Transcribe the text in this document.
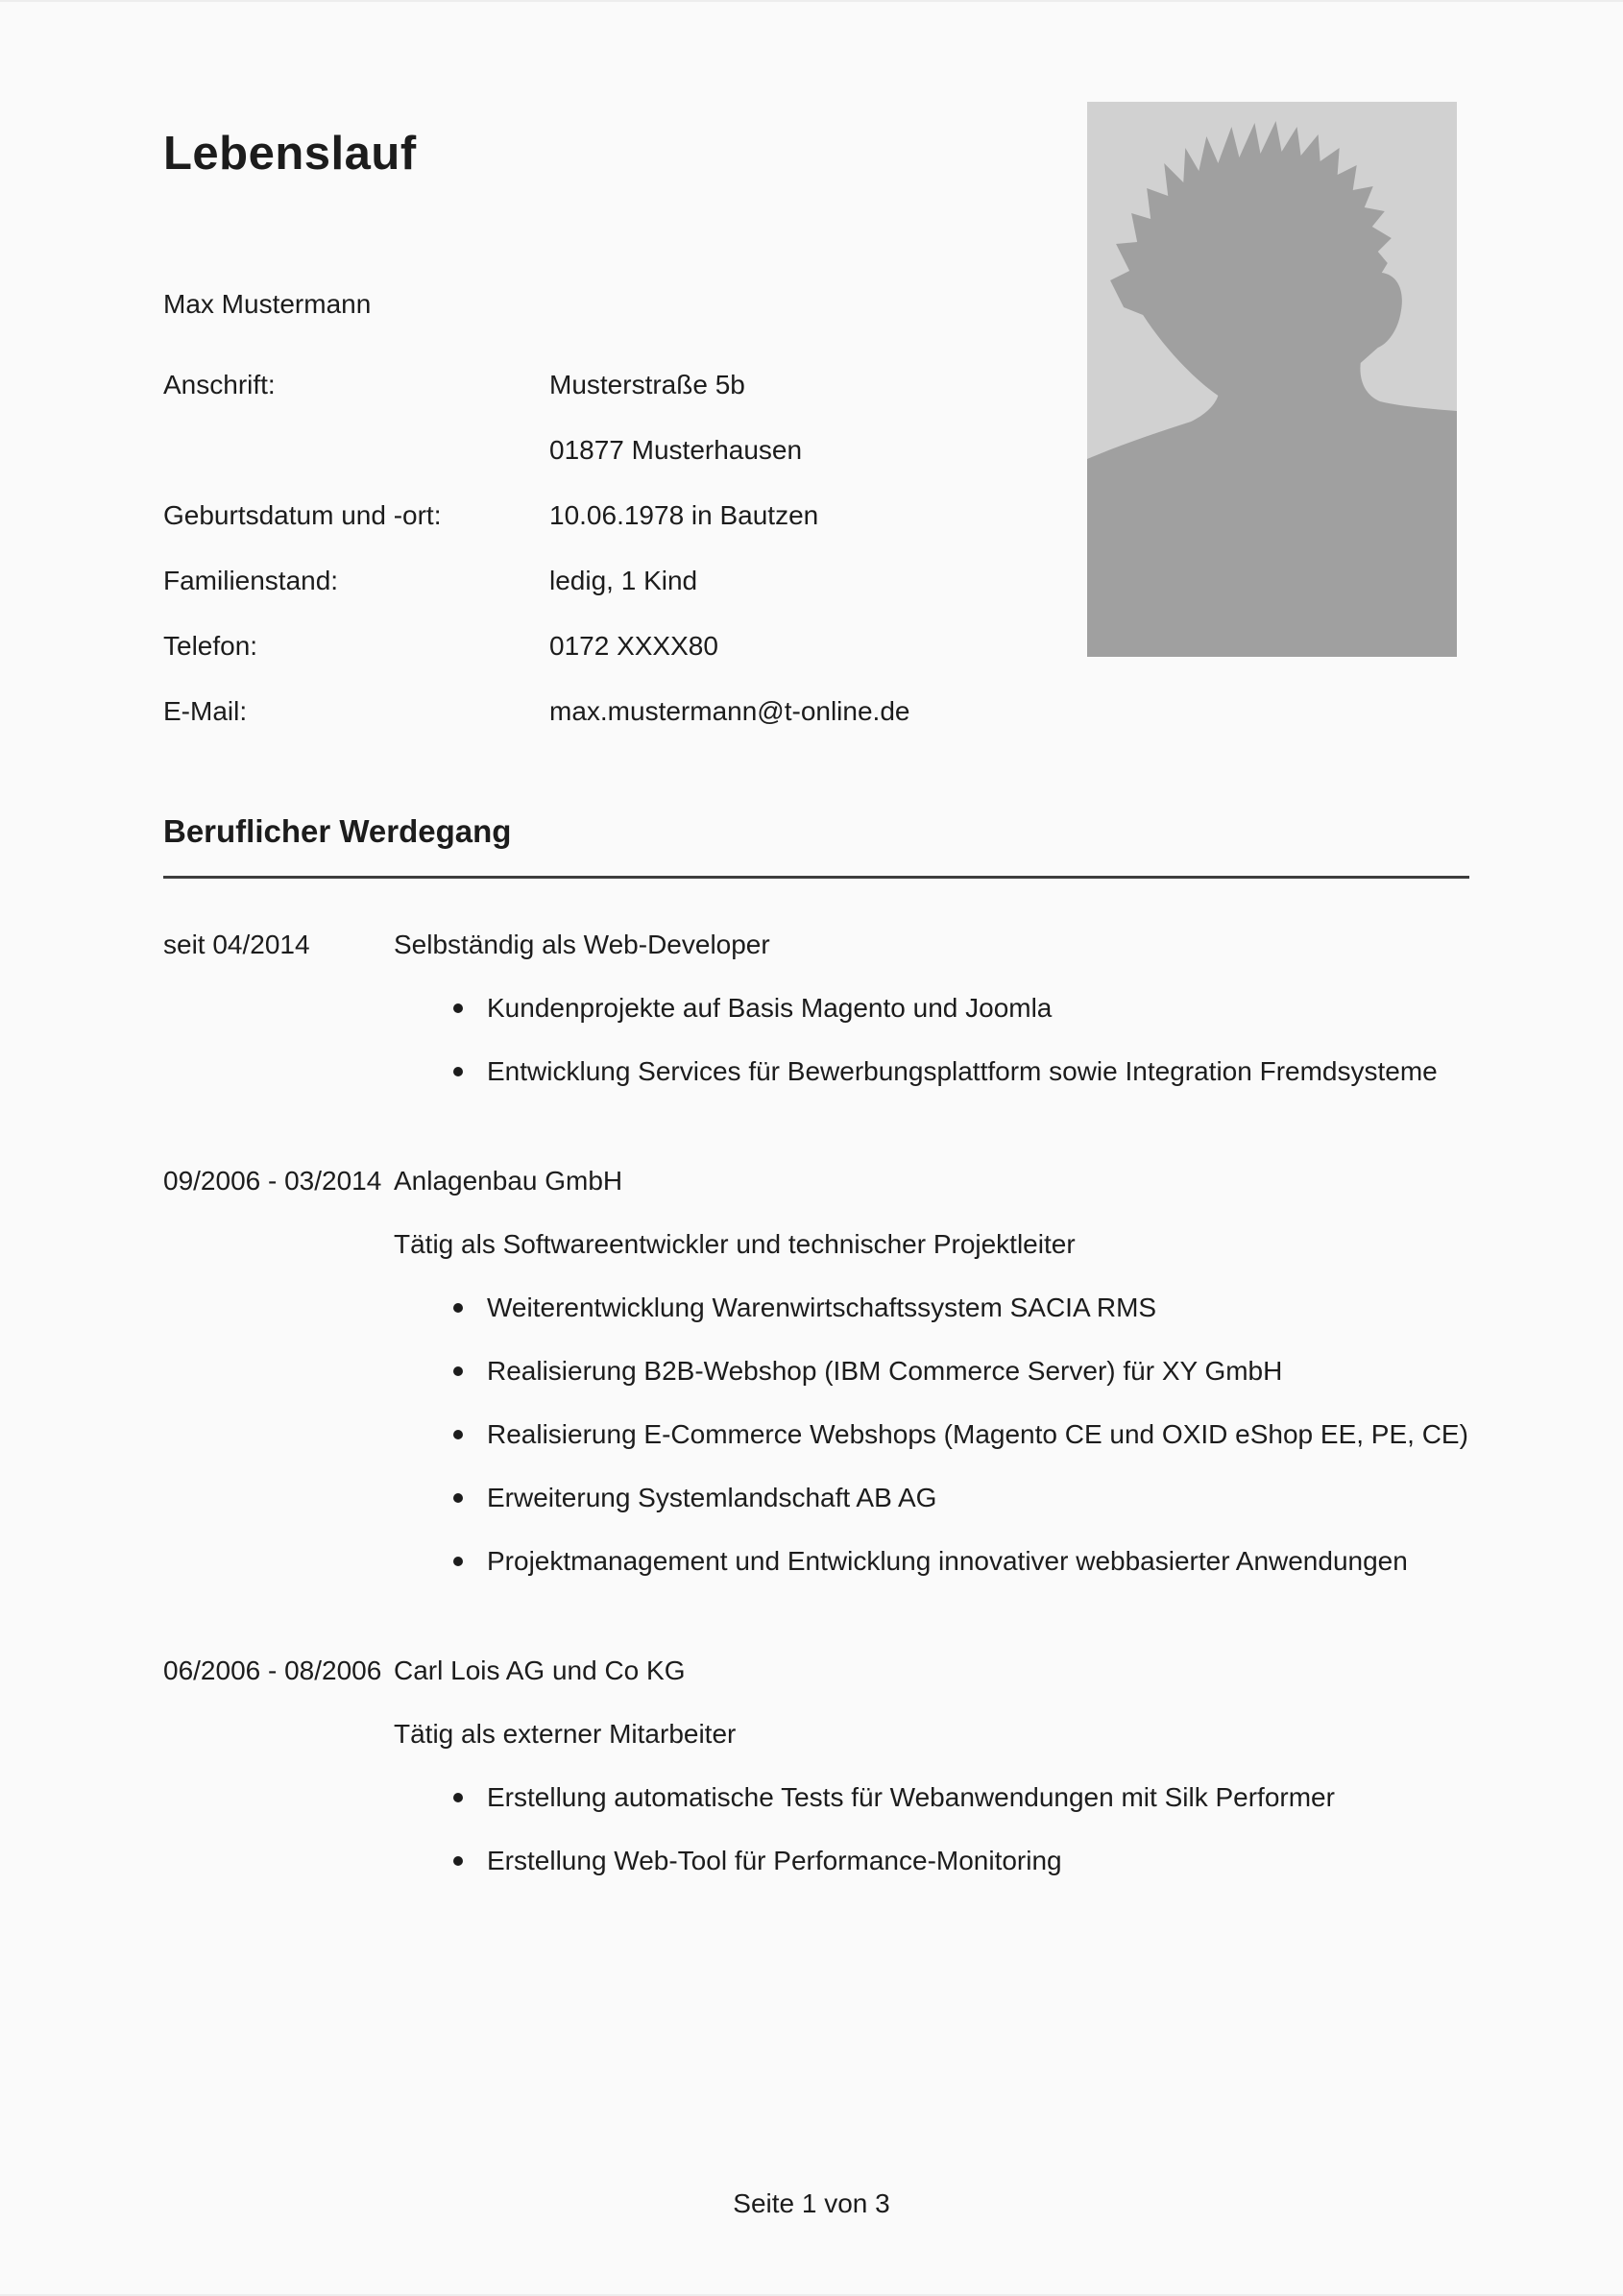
Lebenslauf

Max Mustermann

Anschrift:	Musterstraße 5b
01877 Musterhausen
Geburtsdatum und -ort:	10.06.1978 in Bautzen
Familienstand:	ledig, 1 Kind
Telefon:	0172 XXXX80
E-Mail:	max.mustermann@t-online.de
Beruflicher Werdegang
seit 04/2014	Selbständig als Web-Developer

Kundenprojekte auf Basis Magento und Joomla
Entwicklung Services für Bewerbungsplattform sowie Integration Fremdsysteme
09/2006 - 03/2014 Anlagenbau GmbH

Tätig als Softwareentwickler und technischer Projektleiter

Weiterentwicklung Warenwirtschaftssystem SACIA RMS
Realisierung B2B-Webshop (IBM Commerce Server) für XY GmbH
Realisierung E-Commerce Webshops (Magento CE und OXID eShop EE, PE, CE)
Erweiterung Systemlandschaft AB AG
Projektmanagement und Entwicklung innovativer webbasierter Anwendungen
06/2006 - 08/2006 Carl Lois AG und Co KG

Tätig als externer Mitarbeiter

Erstellung automatische Tests für Webanwendungen mit Silk Performer
Erstellung Web-Tool für Performance-Monitoring
Seite 1 von 3
